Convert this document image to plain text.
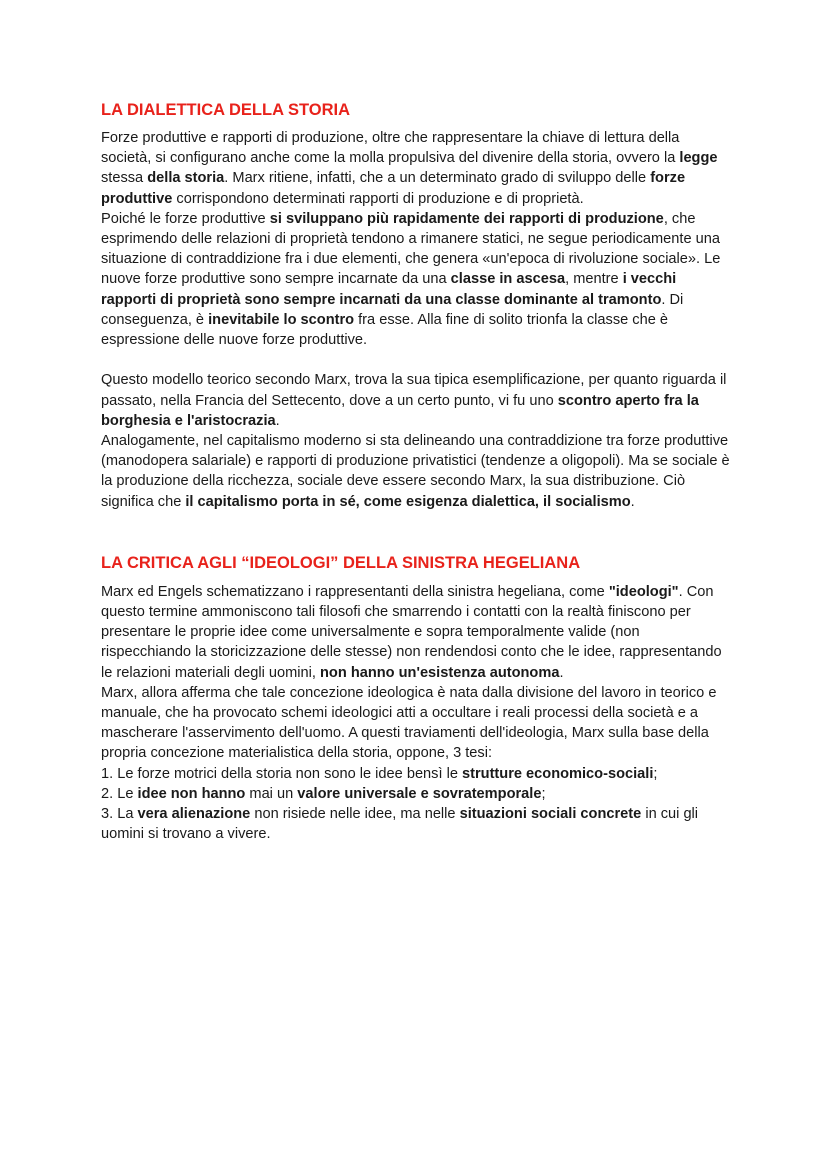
LA DIALETTICA DELLA STORIA

Forze produttive e rapporti di produzione, oltre che rappresentare la chiave di lettura della società, si configurano anche come la molla propulsiva del divenire della storia, ovvero la legge stessa della storia. Marx ritiene, infatti, che a un determinato grado di sviluppo delle forze produttive corrispondono determinati rapporti di produzione e di proprietà.

Poiché le forze produttive si sviluppano più rapidamente dei rapporti di produzione, che esprimendo delle relazioni di proprietà tendono a rimanere statici, ne segue periodicamente una situazione di contraddizione fra i due elementi, che genera «un'epoca di rivoluzione sociale». Le nuove forze produttive sono sempre incarnate da una classe in ascesa, mentre i vecchi rapporti di proprietà sono sempre incarnati da una classe dominante al tramonto. Di conseguenza, è inevitabile lo scontro fra esse. Alla fine di solito trionfa la classe che è espressione delle nuove forze produttive.

Questo modello teorico secondo Marx, trova la sua tipica esemplificazione, per quanto riguarda il passato, nella Francia del Settecento, dove a un certo punto, vi fu uno scontro aperto fra la borghesia e l'aristocrazia.

Analogamente, nel capitalismo moderno si sta delineando una contraddizione tra forze produttive (manodopera salariale) e rapporti di produzione privatistici (tendenze a oligopoli). Ma se sociale è la produzione della ricchezza, sociale deve essere secondo Marx, la sua distribuzione. Ciò significa che il capitalismo porta in sé, come esigenza dialettica, il socialismo.

LA CRITICA AGLI “IDEOLOGI” DELLA SINISTRA HEGELIANA

Marx ed Engels schematizzano i rappresentanti della sinistra hegeliana, come "ideologi". Con questo termine ammoniscono tali filosofi che smarrendo i contatti con la realtà finiscono per presentare le proprie idee come universalmente e sopra temporalmente valide (non rispecchiando la storicizzazione delle stesse) non rendendosi conto che le idee, rappresentando le relazioni materiali degli uomini, non hanno un'esistenza autonoma.

Marx, allora afferma che tale concezione ideologica è nata dalla divisione del lavoro in teorico e manuale, che ha provocato schemi ideologici atti a occultare i reali processi della società e a mascherare l'asservimento dell'uomo. A questi traviamenti dell'ideologia, Marx sulla base della propria concezione materialistica della storia, oppone, 3 tesi:

1. Le forze motrici della storia non sono le idee bensì le strutture economico-sociali;

2. Le idee non hanno mai un valore universale e sovratemporale;

3. La vera alienazione non risiede nelle idee, ma nelle situazioni sociali concrete in cui gli uomini si trovano a vivere.
